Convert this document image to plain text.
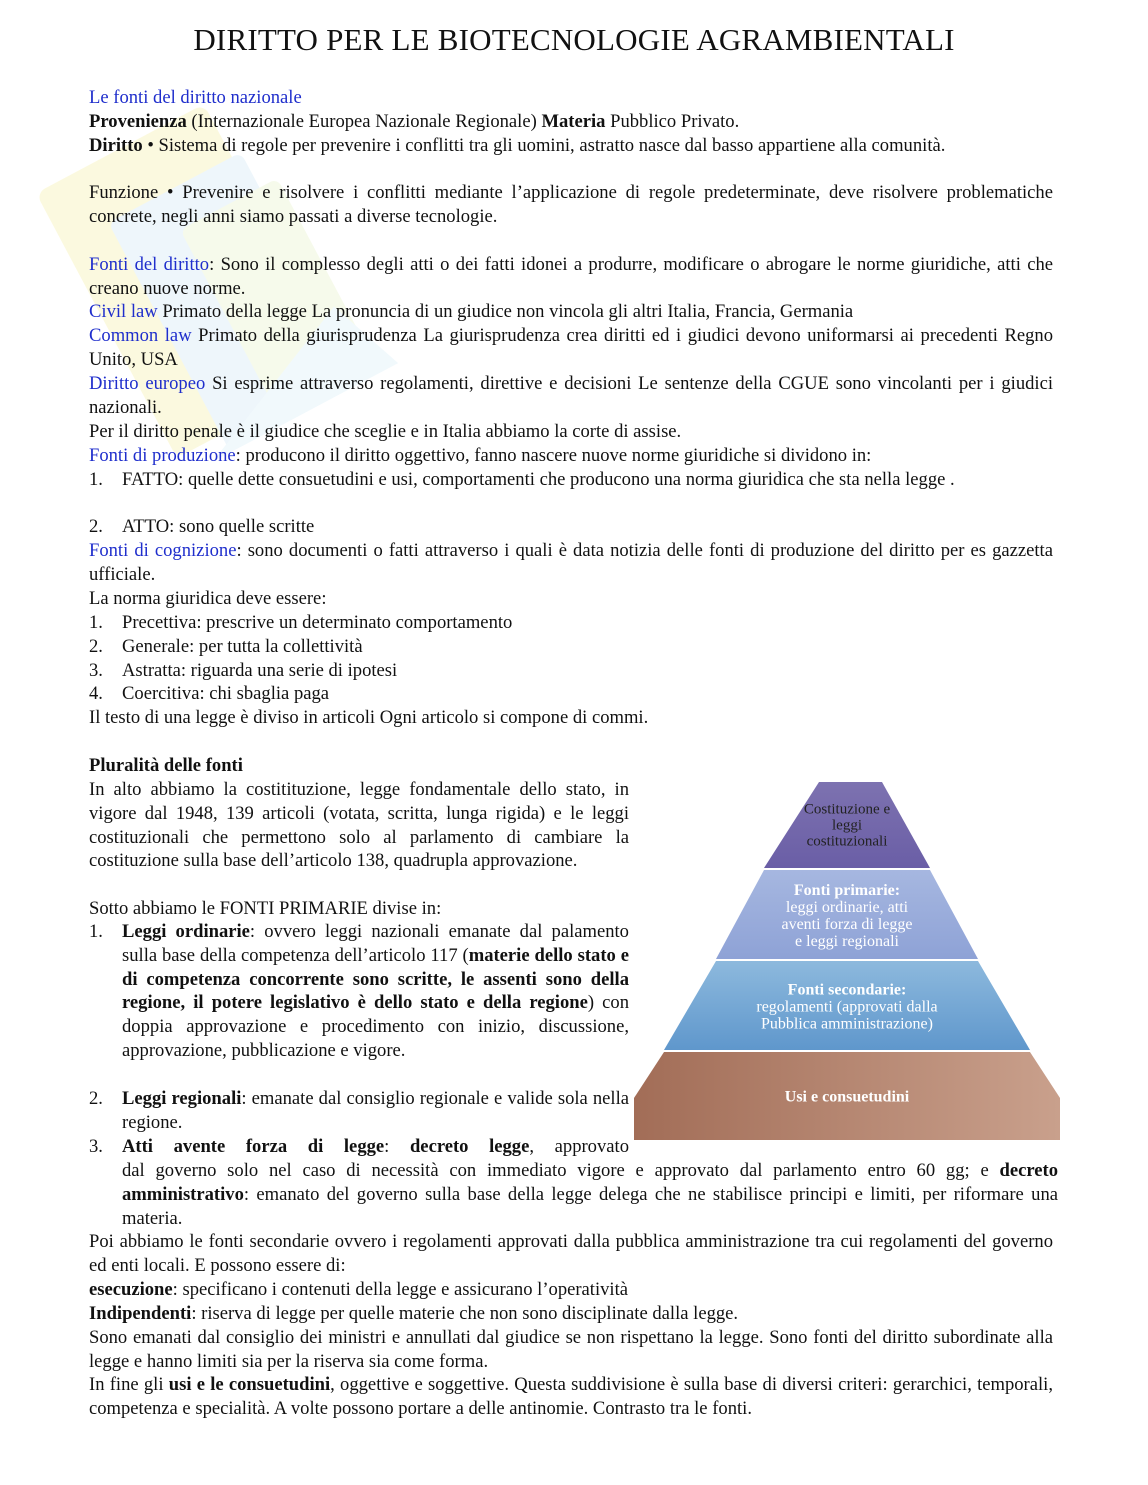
DIRITTO PER LE BIOTECNOLOGIE AGRAMBIENTALI

Le fonti del diritto nazionale

Provenienza (Internazionale Europea Nazionale Regionale) Materia Pubblico Privato.

Diritto • Sistema di regole per prevenire i conflitti tra gli uomini, astratto nasce dal basso appartiene alla comunità.

Funzione • Prevenire e risolvere i conflitti mediante l’applicazione di regole predeterminate, deve risolvere problematiche concrete, negli anni siamo passati a diverse tecnologie.

Fonti del diritto: Sono il complesso degli atti o dei fatti idonei a produrre, modificare o abrogare le norme giuridiche, atti che creano nuove norme.

Civil law Primato della legge La pronuncia di un giudice non vincola gli altri Italia, Francia, Germania

Common law Primato della giurisprudenza La giurisprudenza crea diritti ed i giudici devono uniformarsi ai precedenti Regno Unito, USA

Diritto europeo Si esprime attraverso regolamenti, direttive e decisioni Le sentenze della CGUE sono vincolanti per i giudici nazionali.

Per il diritto penale è il giudice che sceglie e in Italia abbiamo la corte di assise.

Fonti di produzione: producono il diritto oggettivo, fanno nascere nuove norme giuridiche si dividono in:

1.	FATTO: quelle dette consuetudini e usi, comportamenti che producono una norma giuridica che sta nella legge .
2.	ATTO: sono quelle scritte

Fonti di cognizione: sono documenti o fatti attraverso i quali è data notizia delle fonti di produzione del diritto per es gazzetta ufficiale.

La norma giuridica deve essere:

1.	Precettiva: prescrive un determinato comportamento
2.	Generale: per tutta la collettività
3.	Astratta: riguarda una serie di ipotesi
4.	Coercitiva: chi sbaglia paga

Il testo di una legge è diviso in articoli Ogni articolo si compone di commi.

Pluralità delle fonti

In alto abbiamo la costitituzione, legge fondamentale dello stato, in vigore dal 1948, 139 articoli (votata, scritta, lunga rigida) e le leggi costituzionali che permettono solo al parlamento di cambiare la costituzione sulla base dell’articolo 138, quadrupla approvazione.

Sotto abbiamo le FONTI PRIMARIE divise in:

1.	Leggi ordinarie: ovvero leggi nazionali emanate dal palamento sulla base della competenza dell’articolo 117 (materie dello stato e di competenza concorrente sono scritte, le assenti sono della regione, il potere legislativo è dello stato e della regione) con doppia approvazione e procedimento con inizio, discussione, approvazione, pubblicazione e vigore.
2.	Leggi regionali: emanate dal consiglio regionale e valide sola nella regione.
3.	Atti avente forza di legge: decreto legge, approvato

dal governo solo nel caso di necessità con immediato vigore e approvato dal parlamento entro 60 gg; e decreto amministrativo: emanato del governo sulla base della legge delega che ne stabilisce principi e limiti, per riformare una materia.

Poi abbiamo le fonti secondarie ovvero i regolamenti approvati dalla pubblica amministrazione tra cui regolamenti del governo ed enti locali. E possono essere di:

esecuzione: specificano i contenuti della legge e assicurano l’operatività

Indipendenti: riserva di legge per quelle materie che non sono disciplinate dalla legge.

Sono emanati dal consiglio dei ministri e annullati dal giudice se non rispettano la legge. Sono fonti del diritto subordinate alla legge e hanno limiti sia per la riserva sia come forma.

In fine gli usi e le consuetudini, oggettive e soggettive. Questa suddivisione è sulla base di diversi criteri: gerarchici, temporali, competenza e specialità. A volte possono portare a delle antinomie. Contrasto tra le fonti.

Costituzione e
leggi
costituzionali
Fonti primarie:
leggi ordinarie, atti
aventi forza di legge
e leggi regionali
Fonti secondarie:
regolamenti (approvati dalla
Pubblica amministrazione)
Usi e consuetudini
